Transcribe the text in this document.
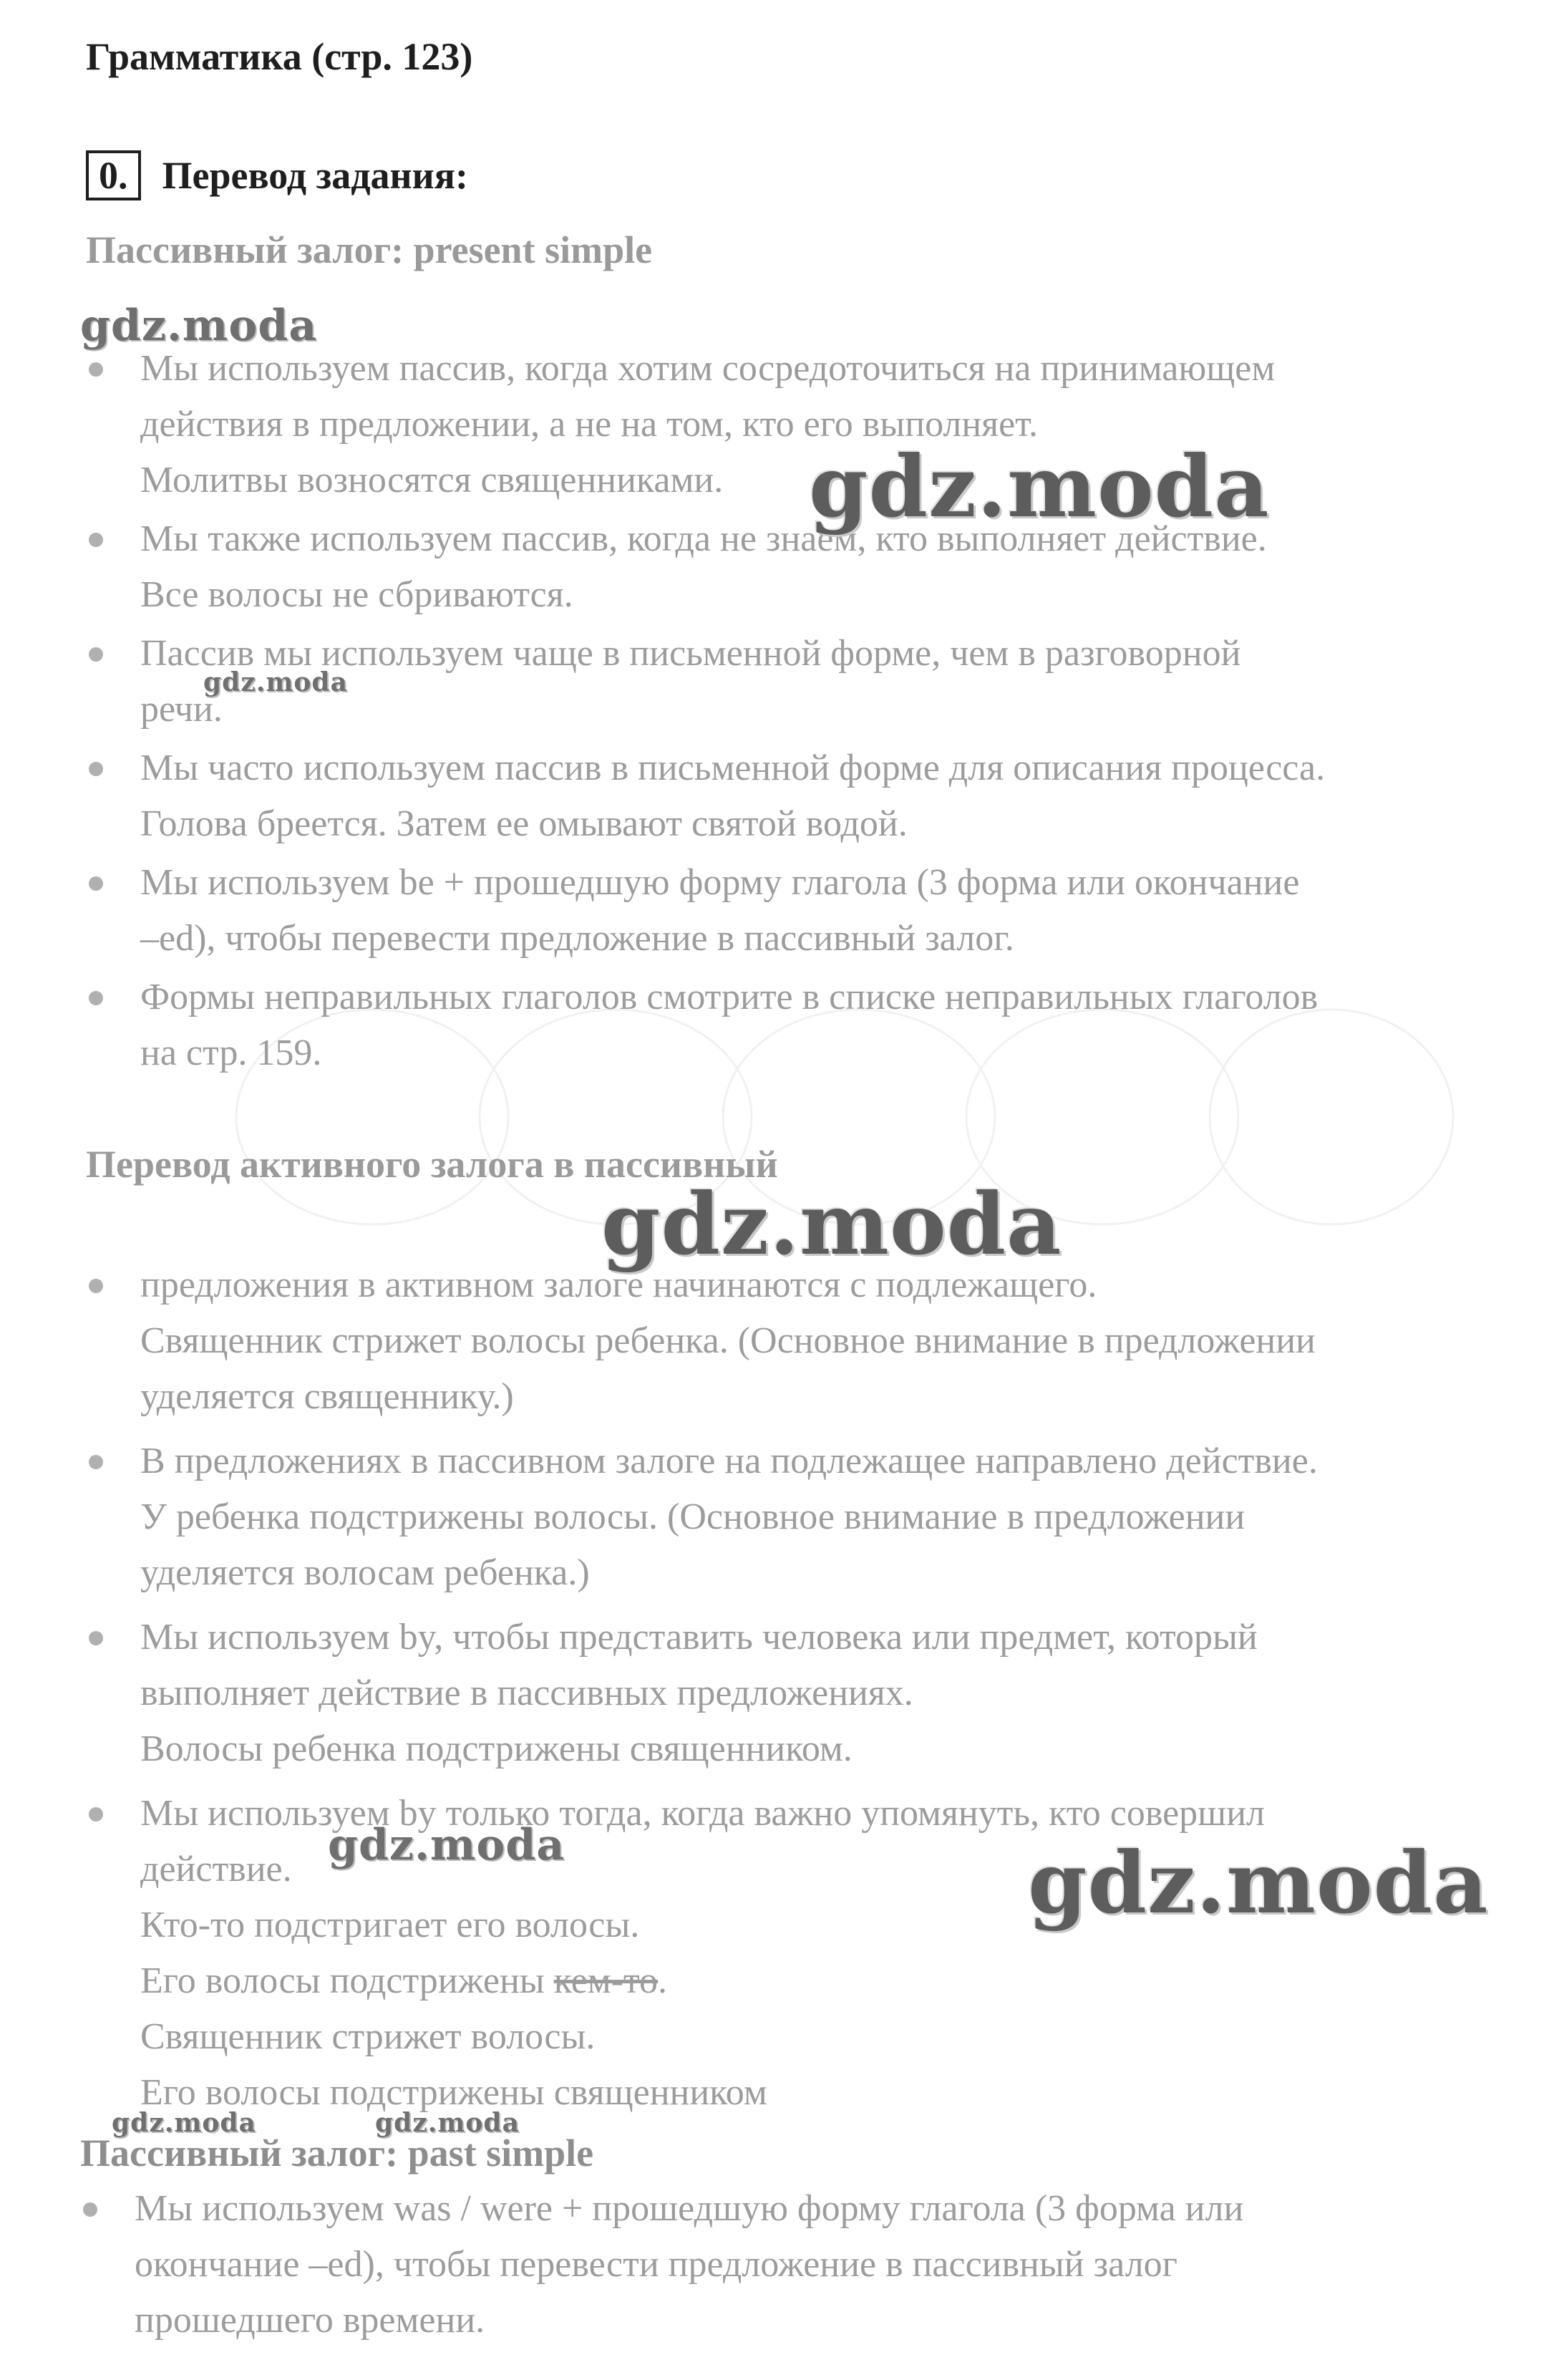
Грамматика (стр. 123)
0. Перевод задания:
Пассивный залог: present simple
Мы используем пассив, когда хотим сосредоточиться на принимающем
действия в предложении, а не на том, кто его выполняет.
Молитвы возносятся священниками.
Мы также используем пассив, когда не знаем, кто выполняет действие.
Все волосы не сбриваются.
Пассив мы используем чаще в письменной форме, чем в разговорной
речи.
Мы часто используем пассив в письменной форме для описания процесса.
Голова бреется. Затем ее омывают святой водой.
Мы используем be + прошедшую форму глагола (3 форма или окончание
–ed), чтобы перевести предложение в пассивный залог.
Формы неправильных глаголов смотрите в списке неправильных глаголов
на стр. 159.
Перевод активного залога в пассивный
предложения в активном залоге начинаются с подлежащего.
Священник стрижет волосы ребенка. (Основное внимание в предложении
уделяется священнику.)
В предложениях в пассивном залоге на подлежащее направлено действие.
У ребенка подстрижены волосы. (Основное внимание в предложении
уделяется волосам ребенка.)
Мы используем by, чтобы представить человека или предмет, который
выполняет действие в пассивных предложениях.
Волосы ребенка подстрижены священником.
Мы используем by только тогда, когда важно упомянуть, кто совершил
действие.
Кто-то подстригает его волосы.
Его волосы подстрижены кем-то.
Священник стрижет волосы.
Его волосы подстрижены священником
Пассивный залог: past simple
Мы используем was / were + прошедшую форму глагола (3 форма или
окончание –ed), чтобы перевести предложение в пассивный залог
прошедшего времени.
gdz.moda
gdz.moda
gdz.moda
gdz.moda
gdz.moda	gdz.moda
gdz.moda	gdz.moda
